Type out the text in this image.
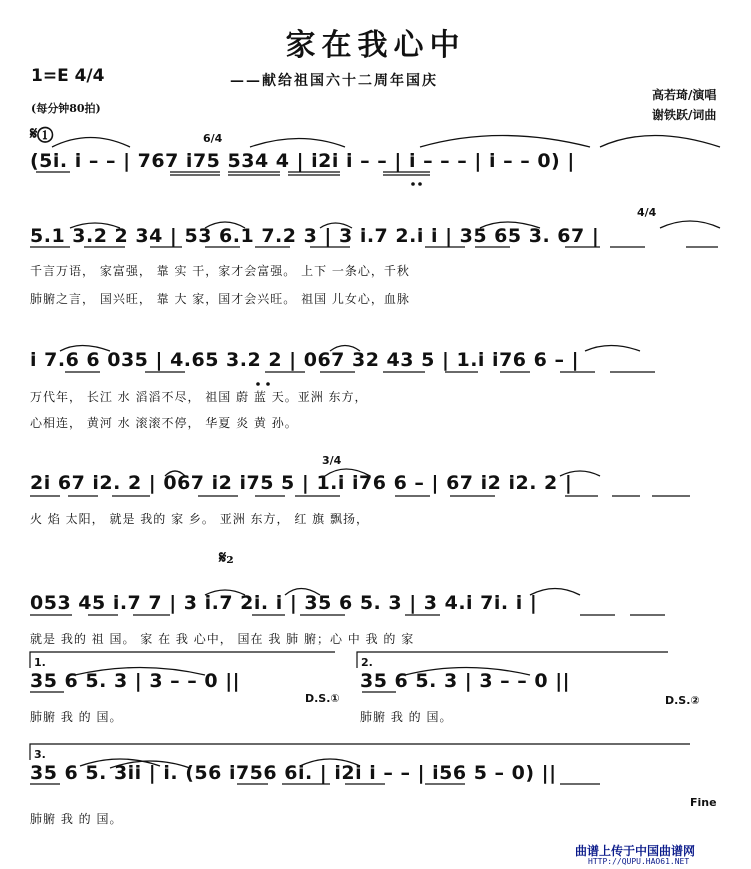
家在我心中
——献给祖国六十二周年国庆
1=E 4/4
(每分钟80拍)
高若琦/演唱
谢铁跃/词曲
𝄋①
𝄋₂
6/4
4/4
3/4
(5i. i – – | 767 i75 534 4 | i2i i – – | i – – – | i – – 0) |
5.1 3.2 2 34 | 53 6.1 7.2 3 | 3 i.7 2.i i | 35 65 3. 67 |
千言万语， 家富强， 靠 实 干，家才会富强。 上下 一条心，千秋
肺腑之言， 国兴旺， 靠 大 家，国才会兴旺。 祖国 儿女心，血脉
i 7.6 6 035 | 4.65 3.2 2 | 067 32 43 5 | 1.i i76 6 – |
万代年， 长江 水 滔滔不尽， 祖国 蔚 蓝 天。亚洲 东方，
心相连， 黄河 水 滚滚不停， 华夏 炎 黄 孙。
2i 67 i2. 2 | 067 i2 i75 5 | 1.i i76 6 – | 67 i2 i2. 2 |
火 焰 太阳， 就是 我的 家 乡。 亚洲 东方， 红 旗 飘扬，
053 45 i.7 7 | 3 i.7 2i. i | 35 6 5. 3 | 3 4.i 7i. i |
就是 我的 祖 国。 家 在 我 心中， 国在 我 肺 腑；心 中 我 的 家
1.
35 6 5. 3 | 3 – – 0 ||
肺腑 我 的 国。
D.S.①
2.
35 6 5. 3 | 3 – – 0 ||
肺腑 我 的 国。
D.S.②
3.
35 6 5. 3ii | i. (56 i756 6i. | i2i i – – | i56 5 – 0) ||
肺腑 我 的 国。
Fine
曲谱上传于中国曲谱网
HTTP://QUPU.HAO61.NET
